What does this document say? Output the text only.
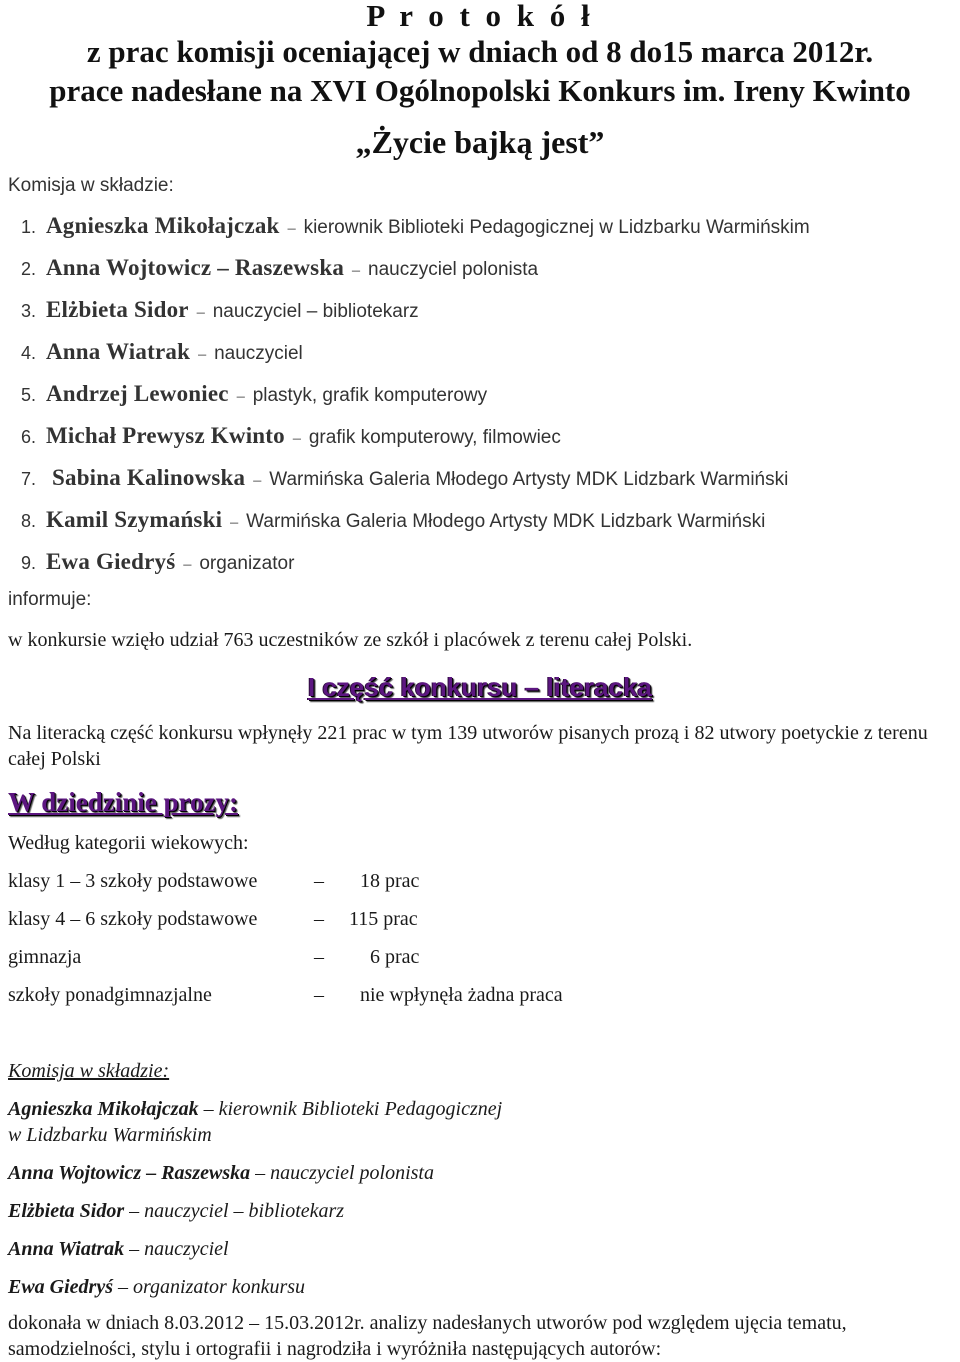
P r o t o k ó ł
z prac komisji oceniającej w dniach od 8 do15 marca 2012r.
prace nadesłane na XVI Ogólnopolski Konkurs im. Ireny Kwinto
„Życie bajką jest”
Komisja w składzie:
1. Agnieszka Mikołajczak – kierownik Biblioteki Pedagogicznej w Lidzbarku Warmińskim
2. Anna Wojtowicz – Raszewska – nauczyciel polonista
3. Elżbieta Sidor – nauczyciel – bibliotekarz
4. Anna Wiatrak – nauczyciel
5. Andrzej Lewoniec – plastyk, grafik komputerowy
6. Michał Prewysz Kwinto – grafik komputerowy, filmowiec
7. Sabina Kalinowska – Warmińska Galeria Młodego Artysty MDK Lidzbark Warmiński
8. Kamil Szymański – Warmińska Galeria Młodego Artysty MDK Lidzbark Warmiński
9. Ewa Giedryś – organizator
informuje:
w konkursie wzięło udział 763 uczestników ze szkół i placówek z terenu całej Polski.
I część konkursu – literacka
Na literacką część konkursu wpłynęły 221 prac w tym 139 utworów pisanych prozą i 82 utwory poetyckie z terenu całej Polski
W dziedzinie prozy:
Według kategorii wiekowych:
klasy 1 – 3 szkoły podstawowe	– 18 prac
klasy 4 – 6 szkoły podstawowe	– 115 prac
gimnazja	– 6 prac
szkoły ponadgimnazjalne	– nie wpłynęła żadna praca
Komisja w składzie:
Agnieszka Mikołajczak – kierownik Biblioteki Pedagogicznej
w Lidzbarku Warmińskim
Anna Wojtowicz – Raszewska – nauczyciel polonista
Elżbieta Sidor – nauczyciel – bibliotekarz
Anna Wiatrak – nauczyciel
Ewa Giedryś – organizator konkursu
dokonała w dniach 8.03.2012 – 15.03.2012r. analizy nadesłanych utworów pod względem ujęcia tematu, samodzielności, stylu i ortografii i nagrodziła i wyróżniła następujących autorów:
